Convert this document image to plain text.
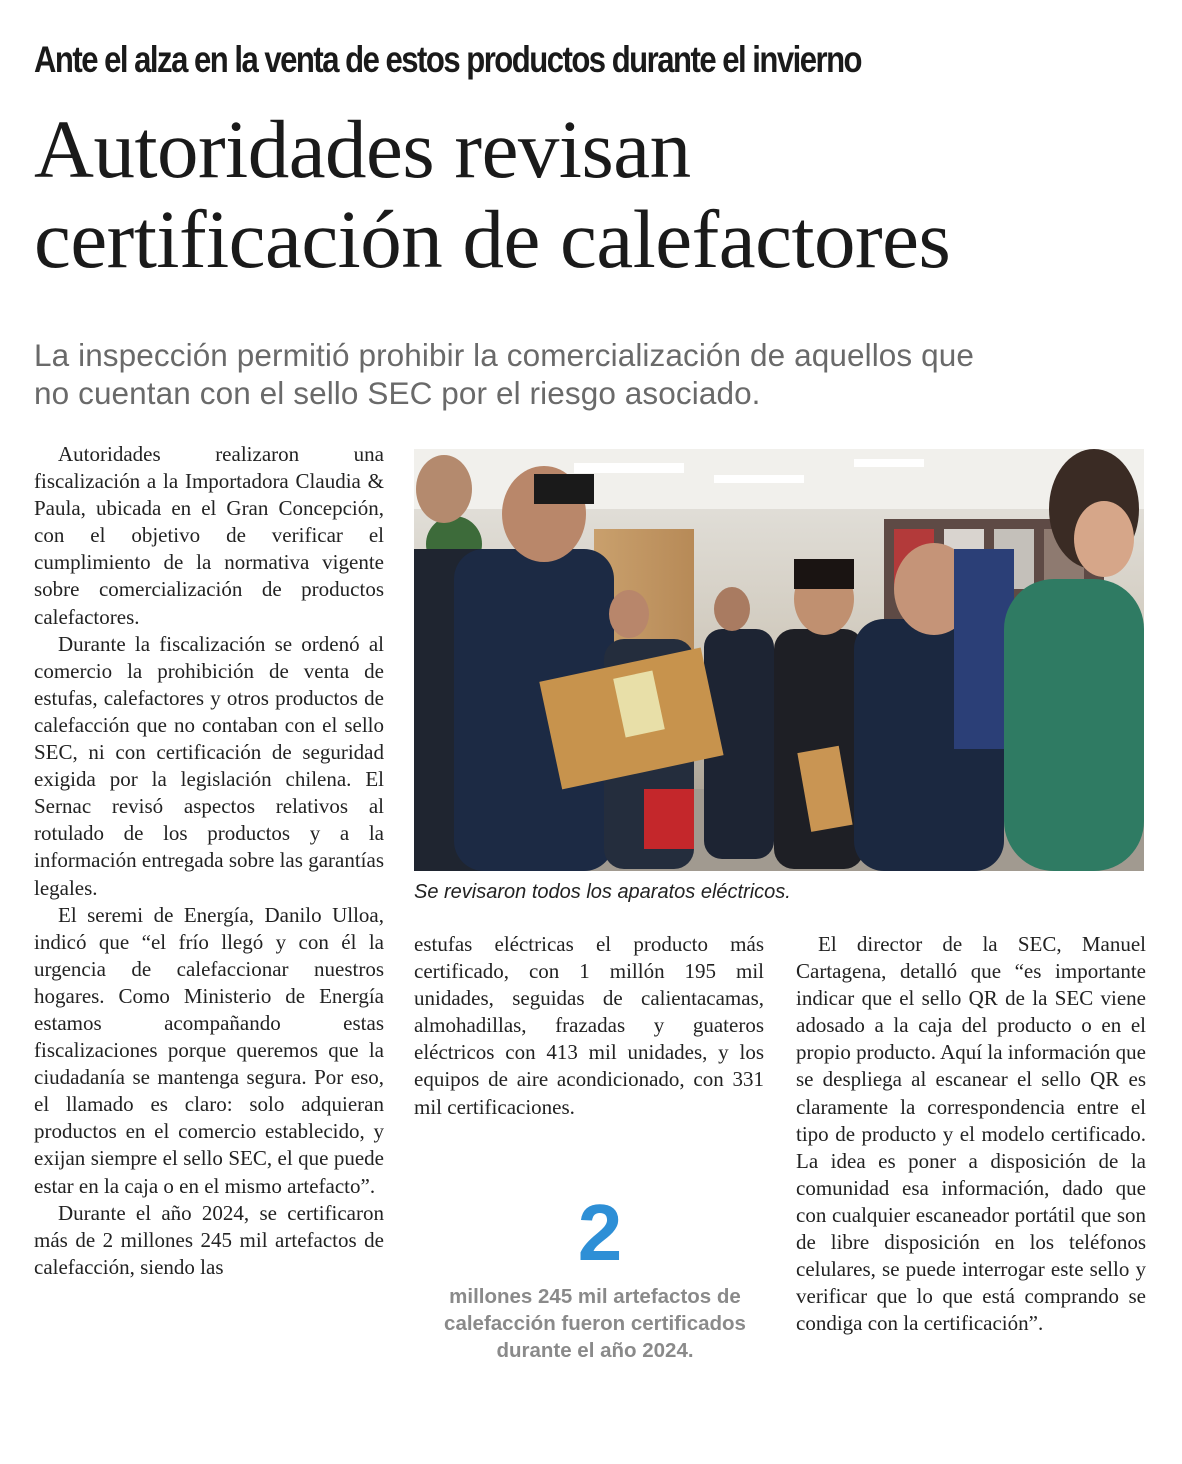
Ante el alza en la venta de estos productos durante el invierno
Autoridades revisan
certificación de calefactores
La inspección permitió prohibir la comercialización de aquellos que
no cuentan con el sello SEC por el riesgo asociado.

Autoridades realizaron una fiscalización a la Importadora Claudia & Paula, ubicada en el Gran Concepción, con el objetivo de verificar el cumplimiento de la normativa vigente sobre comercialización de productos calefactores.

Durante la fiscalización se ordenó al comercio la prohibición de venta de estufas, calefactores y otros productos de calefacción que no contaban con el sello SEC, ni con certificación de seguridad exigida por la legislación chilena. El Sernac revisó aspectos relativos al rotulado de los productos y a la información entregada sobre las garantías legales.

El seremi de Energía, Danilo Ulloa, indicó que “el frío llegó y con él la urgencia de calefaccionar nuestros hogares. Como Ministerio de Energía estamos acompañando estas fiscalizaciones porque queremos que la ciudadanía se mantenga segura. Por eso, el llamado es claro: solo adquieran productos en el comercio establecido, y exijan siempre el sello SEC, el que puede estar en la caja o en el mismo artefacto”.

Durante el año 2024, se certificaron más de 2 millones 245 mil artefactos de calefacción, siendo las

Se revisaron todos los aparatos eléctricos.

estufas eléctricas el producto más certificado, con 1 millón 195 mil unidades, seguidas de calientacamas, almohadillas, frazadas y guateros eléctricos con 413 mil unidades, y los equipos de aire acondicionado, con 331 mil certificaciones.

2
millones 245 mil artefactos de calefacción fueron certificados durante el año 2024.

El director de la SEC, Manuel Cartagena, detalló que “es importante indicar que el sello QR de la SEC viene adosado a la caja del producto o en el propio producto. Aquí la información que se despliega al escanear el sello QR es claramente la correspondencia entre el tipo de producto y el modelo certificado. La idea es poner a disposición de la comunidad esa información, dado que con cualquier escaneador portátil que son de libre disposición en los teléfonos celulares, se puede interrogar este sello y verificar que lo que está comprando se condiga con la certificación”.
